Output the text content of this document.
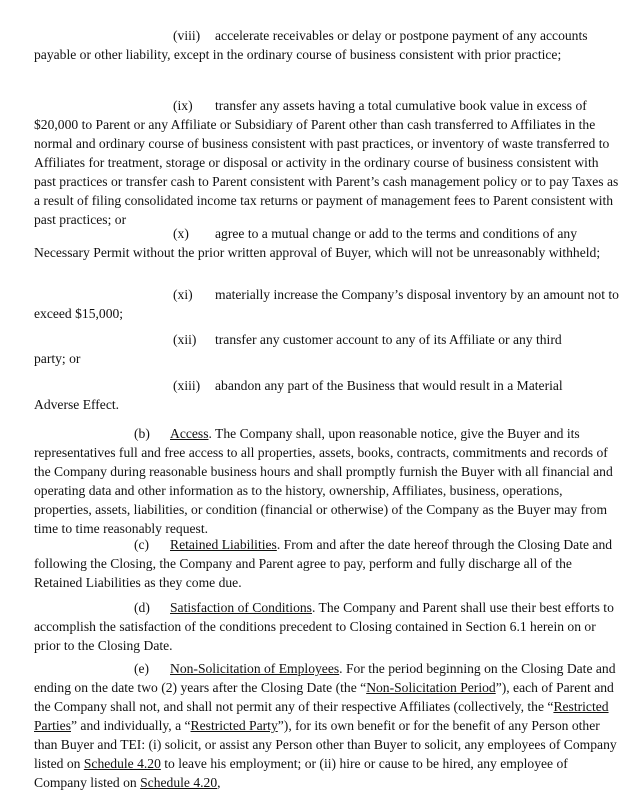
(viii) accelerate receivables or delay or postpone payment of any accounts payable or other liability, except in the ordinary course of business consistent with prior practice;

(ix) transfer any assets having a total cumulative book value in excess of $20,000 to Parent or any Affiliate or Subsidiary of Parent other than cash transferred to Affiliates in the normal and ordinary course of business consistent with past practices, or inventory of waste transferred to Affiliates for treatment, storage or disposal or activity in the ordinary course of business consistent with past practices or transfer cash to Parent consistent with Parent’s cash management policy or to pay Taxes as a result of filing consolidated income tax returns or payment of management fees to Parent consistent with past practices; or

(x) agree to a mutual change or add to the terms and conditions of any Necessary Permit without the prior written approval of Buyer, which will not be unreasonably withheld;

(xi) materially increase the Company’s disposal inventory by an amount not to exceed $15,000;

(xii) transfer any customer account to any of its Affiliate or any third

party; or

(xiii) abandon any part of the Business that would result in a Material

Adverse Effect.

(b) Access. The Company shall, upon reasonable notice, give the Buyer and its representatives full and free access to all properties, assets, books, contracts, commitments and records of the Company during reasonable business hours and shall promptly furnish the Buyer with all financial and operating data and other information as to the history, ownership, Affiliates, business, operations, properties, assets, liabilities, or condition (financial or otherwise) of the Company as the Buyer may from time to time reasonably request.

(c) Retained Liabilities. From and after the date hereof through the Closing Date and following the Closing, the Company and Parent agree to pay, perform and fully discharge all of the Retained Liabilities as they come due.

(d) Satisfaction of Conditions. The Company and Parent shall use their best efforts to accomplish the satisfaction of the conditions precedent to Closing contained in Section 6.1 herein on or prior to the Closing Date.

(e) Non-Solicitation of Employees. For the period beginning on the Closing Date and ending on the date two (2) years after the Closing Date (the “Non-Solicitation Period”), each of Parent and the Company shall not, and shall not permit any of their respective Affiliates (collectively, the “Restricted Parties” and individually, a “Restricted Party”), for its own benefit or for the benefit of any Person other than Buyer and TEI: (i) solicit, or assist any Person other than Buyer to solicit, any employees of Company listed on Schedule 4.20 to leave his employment; or (ii) hire or cause to be hired, any employee of Company listed on Schedule 4.20,
